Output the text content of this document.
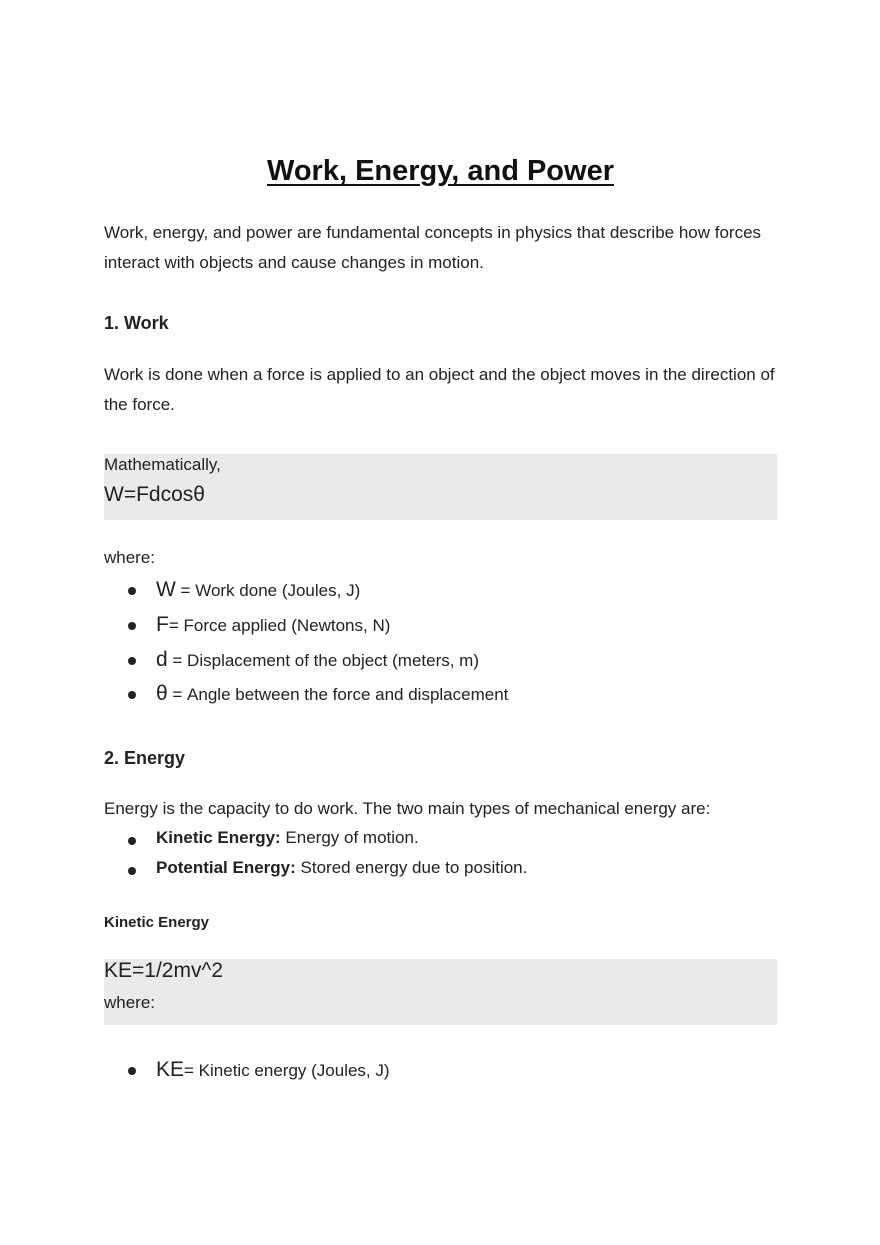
Work, Energy, and Power

Work, energy, and power are fundamental concepts in physics that describe how forces interact with objects and cause changes in motion.

1. Work

Work is done when a force is applied to an object and the object moves in the direction of the force.

Mathematically,
W=Fdcosθ

where:

W = Work done (Joules, J)
F= Force applied (Newtons, N)
d = Displacement of the object (meters, m)
θ = Angle between the force and displacement
2. Energy

Energy is the capacity to do work. The two main types of mechanical energy are:

Kinetic Energy: Energy of motion.
Potential Energy: Stored energy due to position.
Kinetic Energy
KE=1/2mv^2
where:
KE= Kinetic energy (Joules, J)
